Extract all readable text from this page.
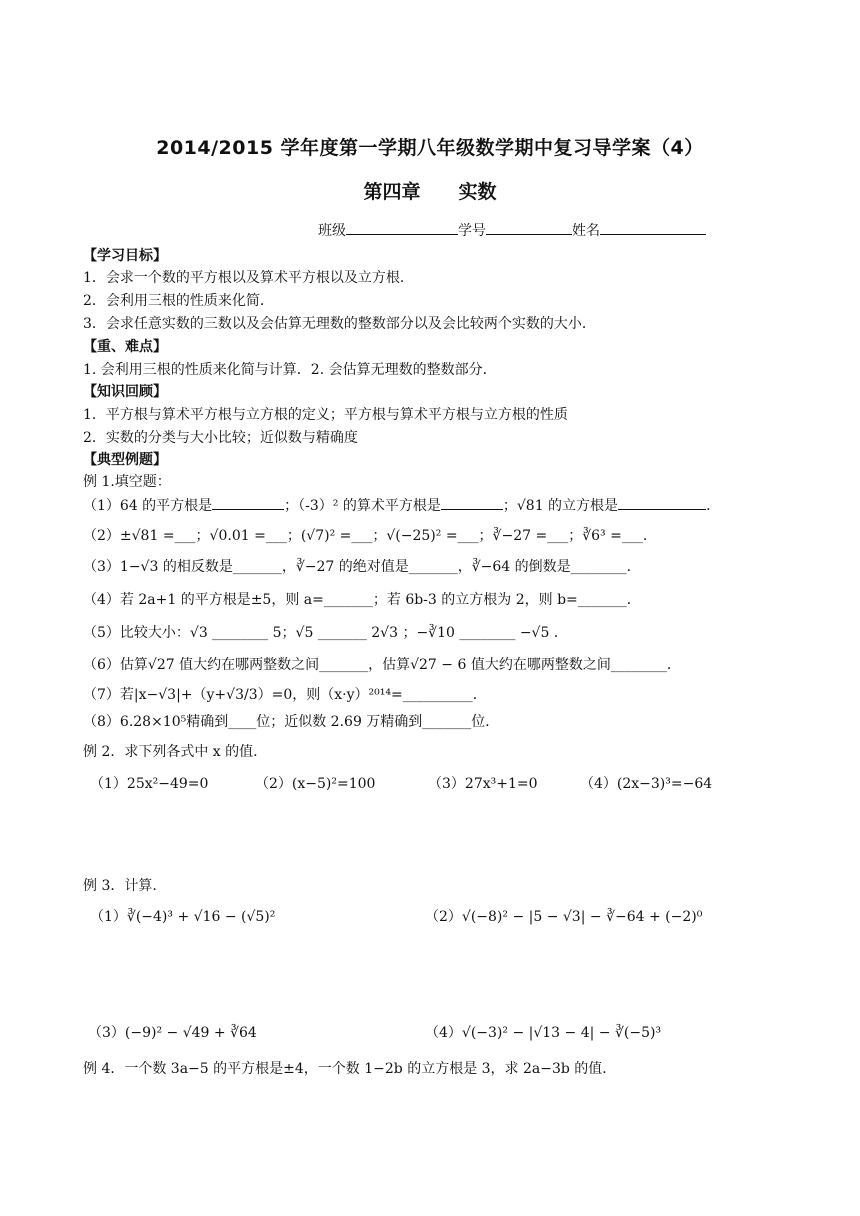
2014/2015 学年度第一学期八年级数学期中复习导学案（4）
第四章　　实数
班级	学号	姓名
【学习目标】
1．会求一个数的平方根以及算术平方根以及立方根．
2．会利用三根的性质来化简．
3．会求任意实数的三数以及会估算无理数的整数部分以及会比较两个实数的大小．
【重、难点】
1. 会利用三根的性质来化简与计算．2. 会估算无理数的整数部分．
【知识回顾】
1．平方根与算术平方根与立方根的定义；平方根与算术平方根与立方根的性质
2．实数的分类与大小比较；近似数与精确度
【典型例题】
例 1.填空题：
（1）64 的平方根是	；（-3）² 的算术平方根是	；√81 的立方根是	．
（2）±√81 =___；√0.01 =___；(√7)² =___；√(−25)² =___；∛−27 =___；∛6³ =___．
（3）1−√3 的相反数是_______，∛−27 的绝对值是_______，∛−64 的倒数是________．
（4）若 2a+1 的平方根是±5，则 a=_______；若 6b-3 的立方根为 2，则 b=_______．
（5）比较大小：√3 ________ 5；√5 _______ 2√3 ；−∛10 ________ −√5 ．
（6）估算√27 值大约在哪两整数之间_______，估算√27 − 6 值大约在哪两整数之间________．
（7）若|x−√3|+（y+√3/3）=0，则（x·y）²⁰¹⁴=__________．
（8）6.28×10⁵精确到____位；近似数 2.69 万精确到_______位．
例 2．求下列各式中 x 的值.
（1）25x²−49=0	（2）(x−5)²=100	（3）27x³+1=0	（4）(2x−3)³=−64
例 3．计算.
（1）∛(−4)³ + √16 − (√5)²	（2）√(−8)² − |5 − √3| − ∛−64 + (−2)⁰
（3）(−9)² − √49 + ∛64	（4）√(−3)² − |√13 − 4| − ∛(−5)³
例 4．一个数 3a−5 的平方根是±4，一个数 1−2b 的立方根是 3，求 2a−3b 的值．
